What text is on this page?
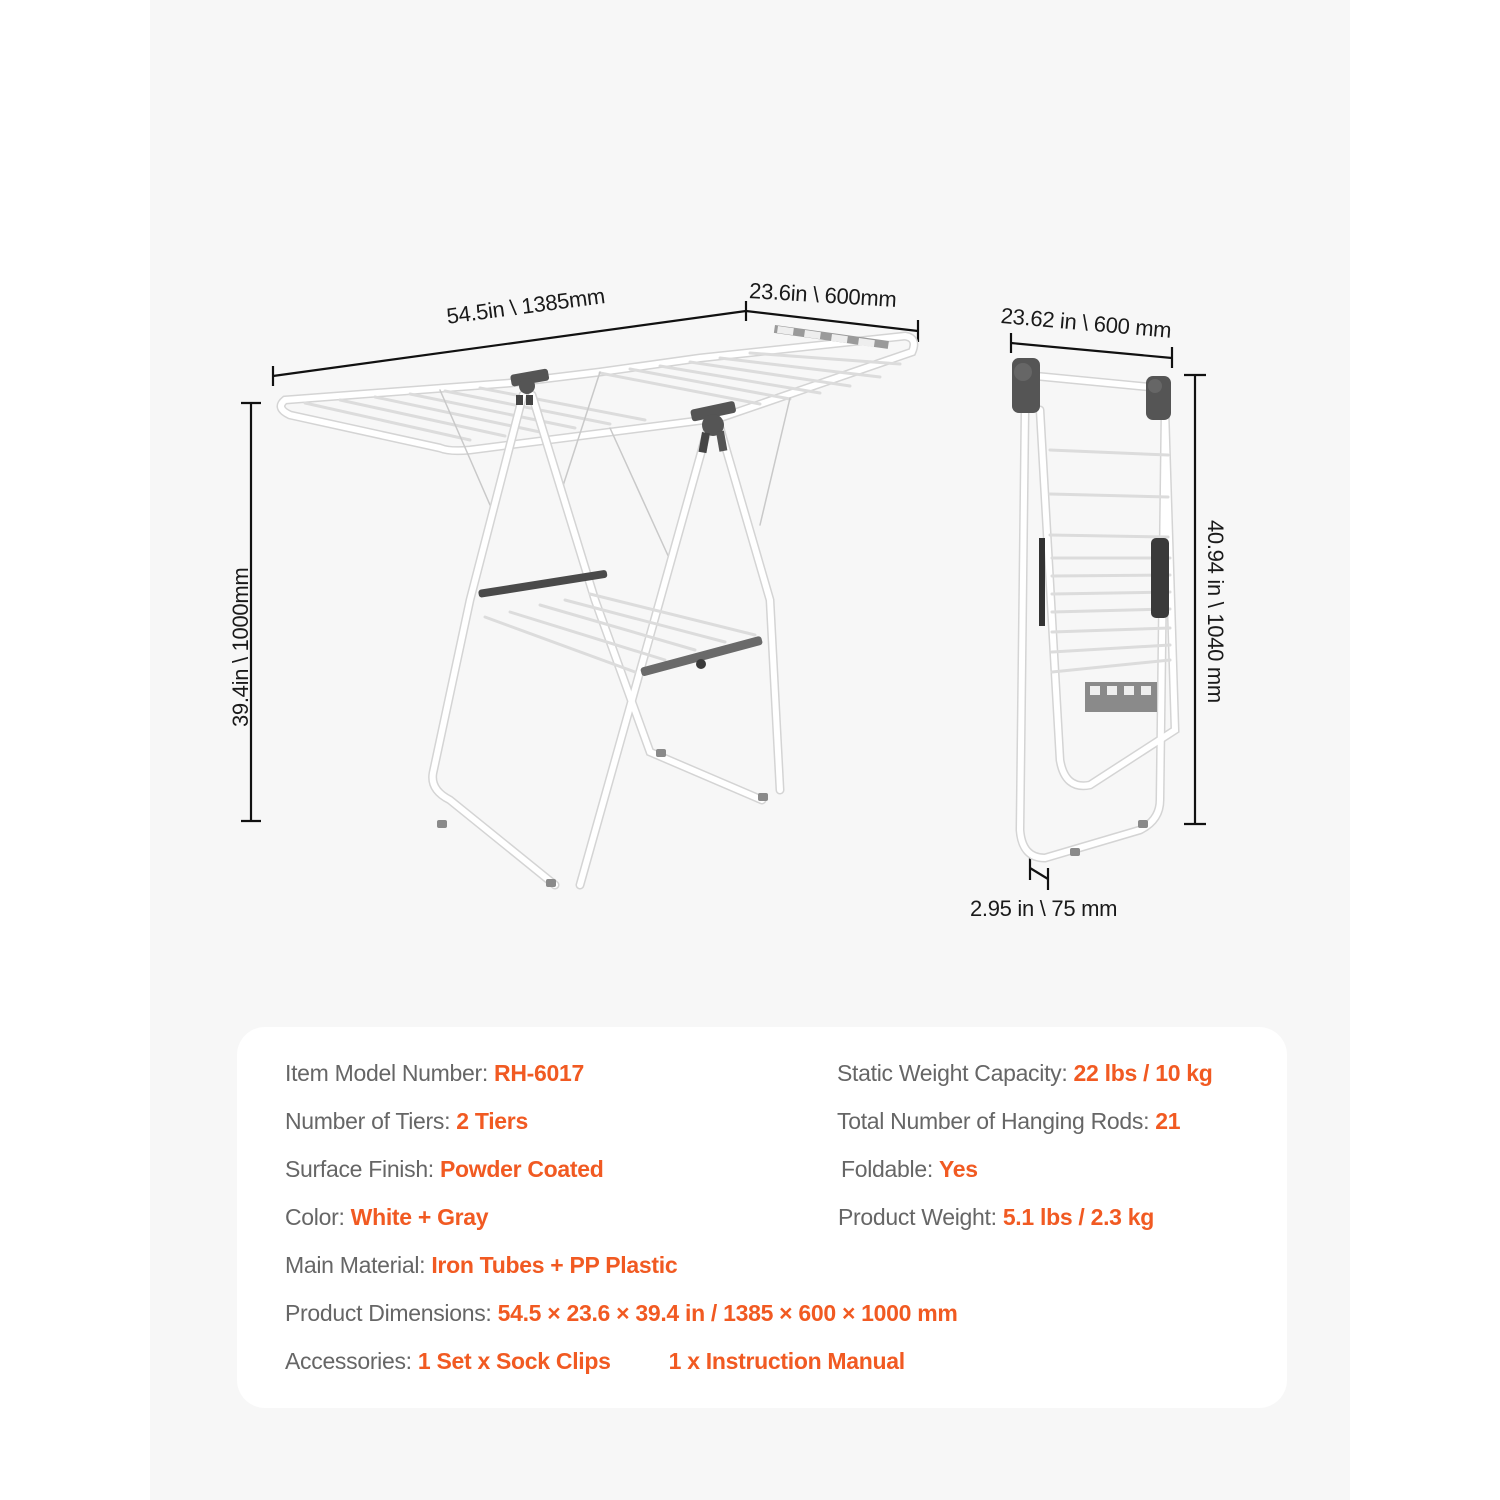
54.5in \ 1385mm	23.6in \ 600mm
39.4in \ 1000mm
23.62 in \ 600 mm
40.94 in \ 1040 mm
2.95 in \ 75 mm
Item Model Number: RH-6017
Number of Tiers: 2 Tiers
Surface Finish: Powder Coated
Color: White + Gray
Main Material: Iron Tubes + PP Plastic
Product Dimensions: 54.5 × 23.6 × 39.4 in / 1385 × 600 × 1000 mm
Accessories: 1 Set x Sock Clips	1 x Instruction Manual
Static Weight Capacity: 22 lbs / 10 kg
Total Number of Hanging Rods: 21
Foldable: Yes
Product Weight: 5.1 lbs / 2.3 kg
